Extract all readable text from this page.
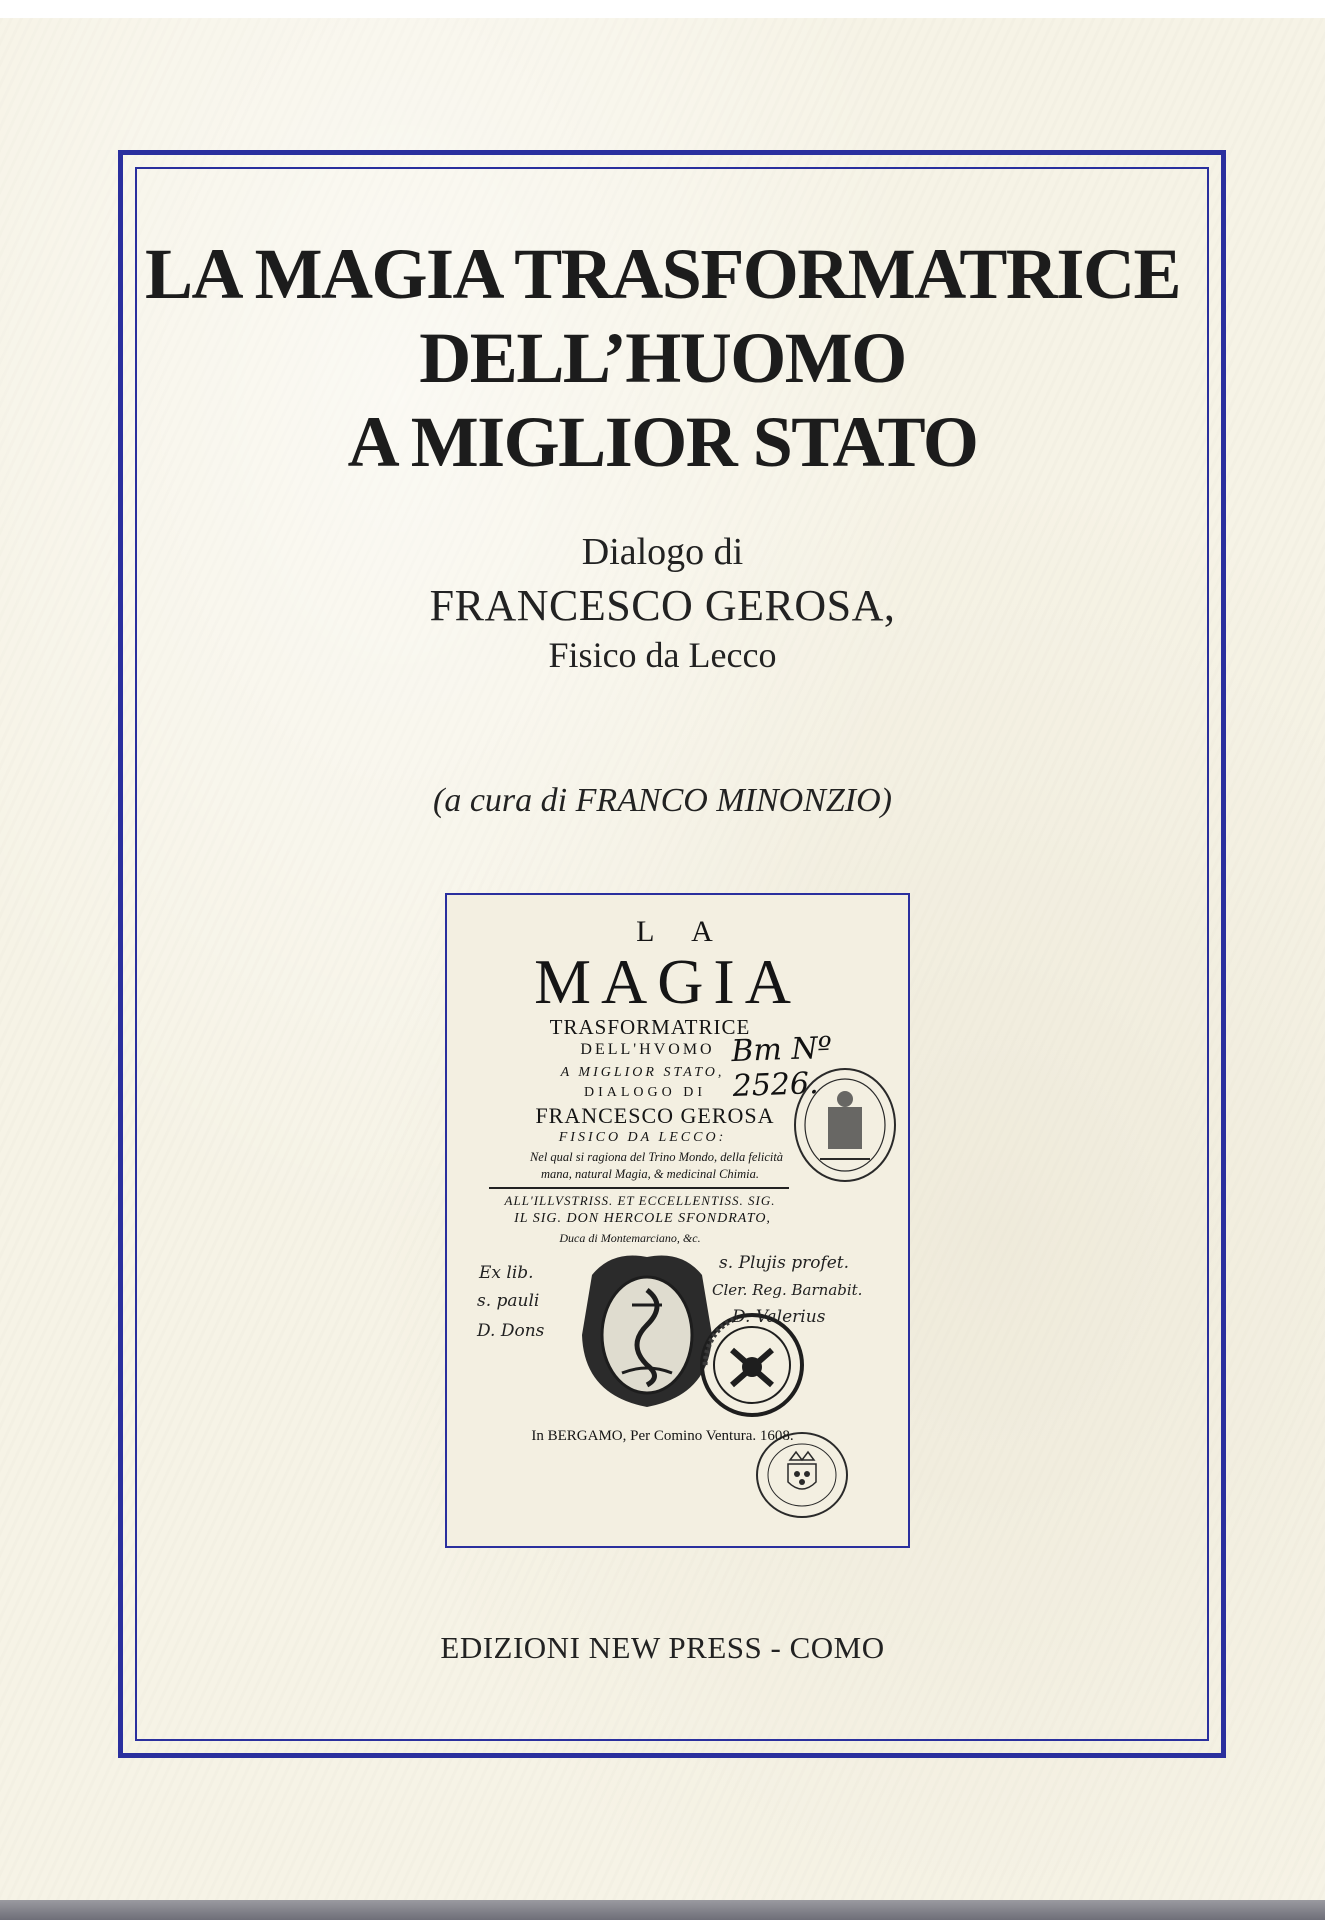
LA MAGIA TRASFORMATRICE
DELL’HUOMO
A MIGLIOR STATO
Dialogo di
FRANCESCO GEROSA,
Fisico da Lecco
(a cura di FRANCO MINONZIO)
L A
MAGIA
TRASFORMATRICE
DELL'HVOMO Bm Nº 2526.
A MIGLIOR STATO,
DIALOGO DI
FRANCESCO GEROSA
FISICO DA LECCO:
Nel qual si ragiona del Trino Mondo, della felicità
mana, natural Magia, & medicinal Chimia.
ALL'ILLVSTRISS. ET ECCELLENTISS. SIG.
IL SIG. DON HERCOLE SFONDRATO,
Duca di Montemarciano, &c.
Ex lib.
s. pauli
D. Dons
s. Plujis profet.
Cler. Reg. Barnabit.
D. Valerius
In BERGAMO, Per Comino Ventura. 1608.
EDIZIONI NEW PRESS - COMO
